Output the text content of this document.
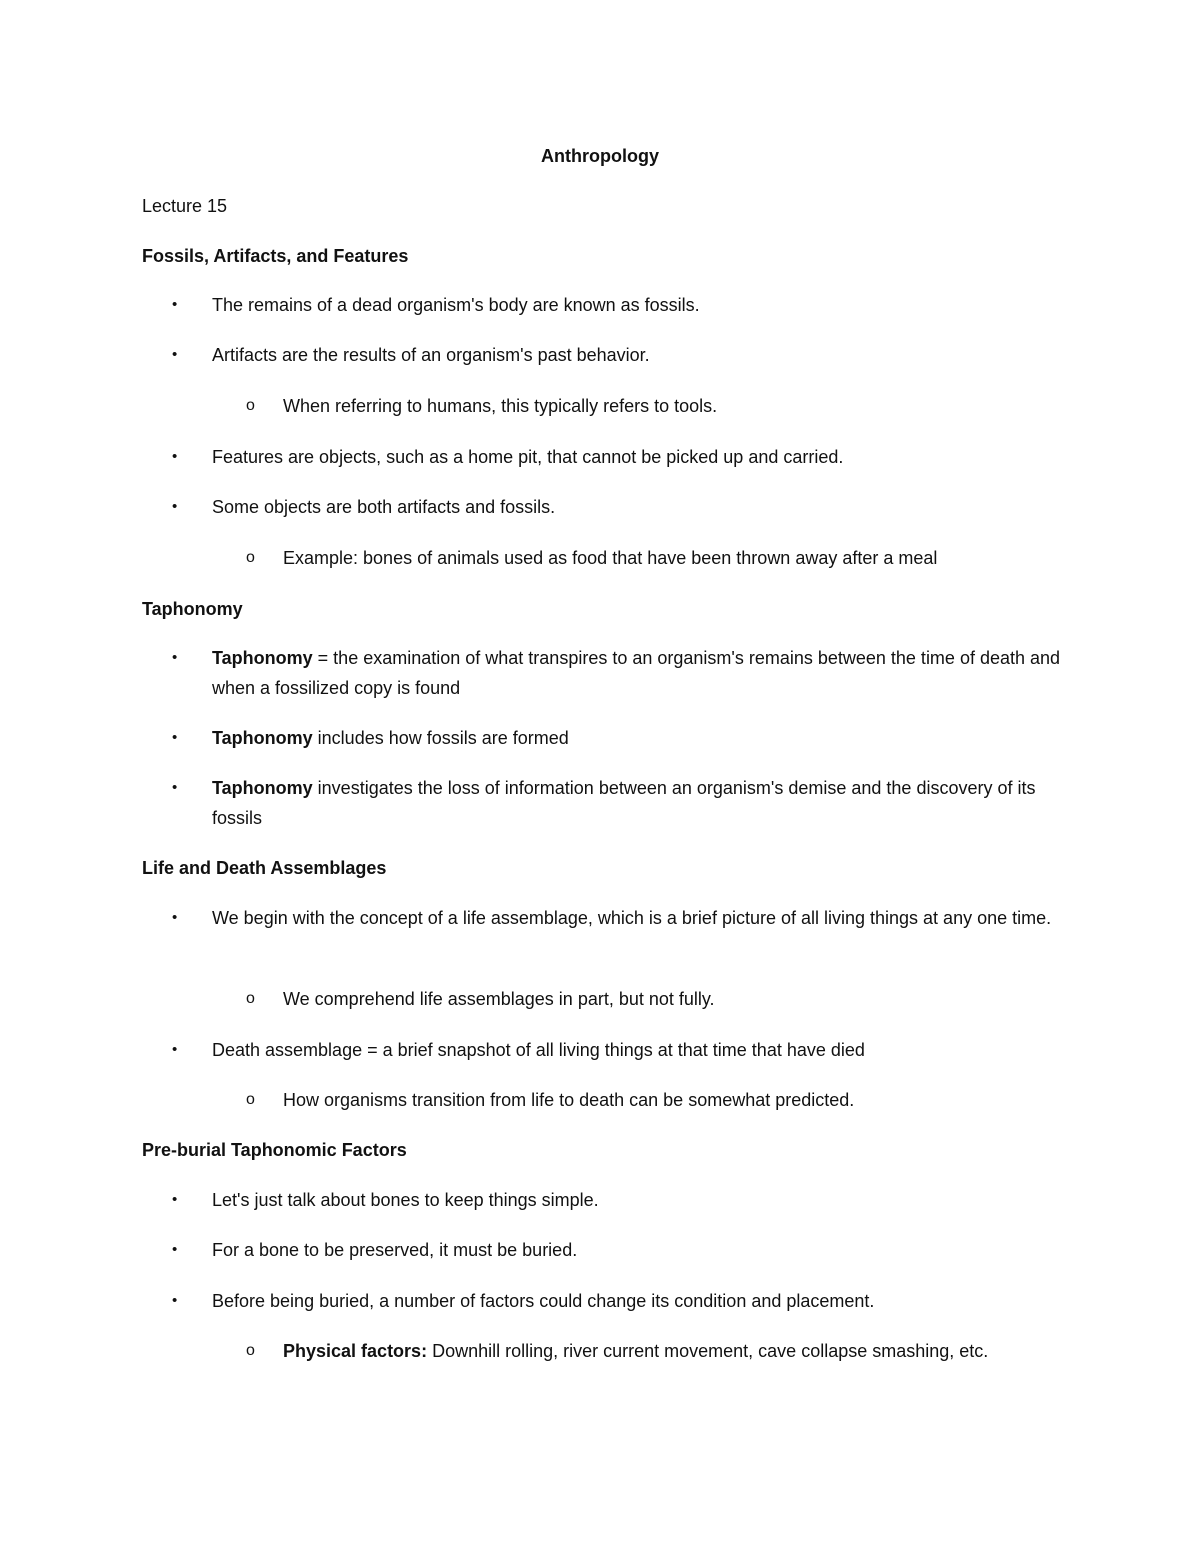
Anthropology
Lecture 15
Fossils, Artifacts, and Features
• The remains of a dead organism's body are known as fossils.
• Artifacts are the results of an organism's past behavior.
o When referring to humans, this typically refers to tools.
• Features are objects, such as a home pit, that cannot be picked up and carried.
• Some objects are both artifacts and fossils.
o Example: bones of animals used as food that have been thrown away after a meal
Taphonomy
• Taphonomy = the examination of what transpires to an organism's remains between the time of death and when a fossilized copy is found
• Taphonomy includes how fossils are formed
• Taphonomy investigates the loss of information between an organism's demise and the discovery of its fossils
Life and Death Assemblages
• We begin with the concept of a life assemblage, which is a brief picture of all living things at any one time.
o We comprehend life assemblages in part, but not fully.
• Death assemblage = a brief snapshot of all living things at that time that have died
o How organisms transition from life to death can be somewhat predicted.
Pre-burial Taphonomic Factors
• Let's just talk about bones to keep things simple.
• For a bone to be preserved, it must be buried.
• Before being buried, a number of factors could change its condition and placement.
o Physical factors: Downhill rolling, river current movement, cave collapse smashing, etc.
